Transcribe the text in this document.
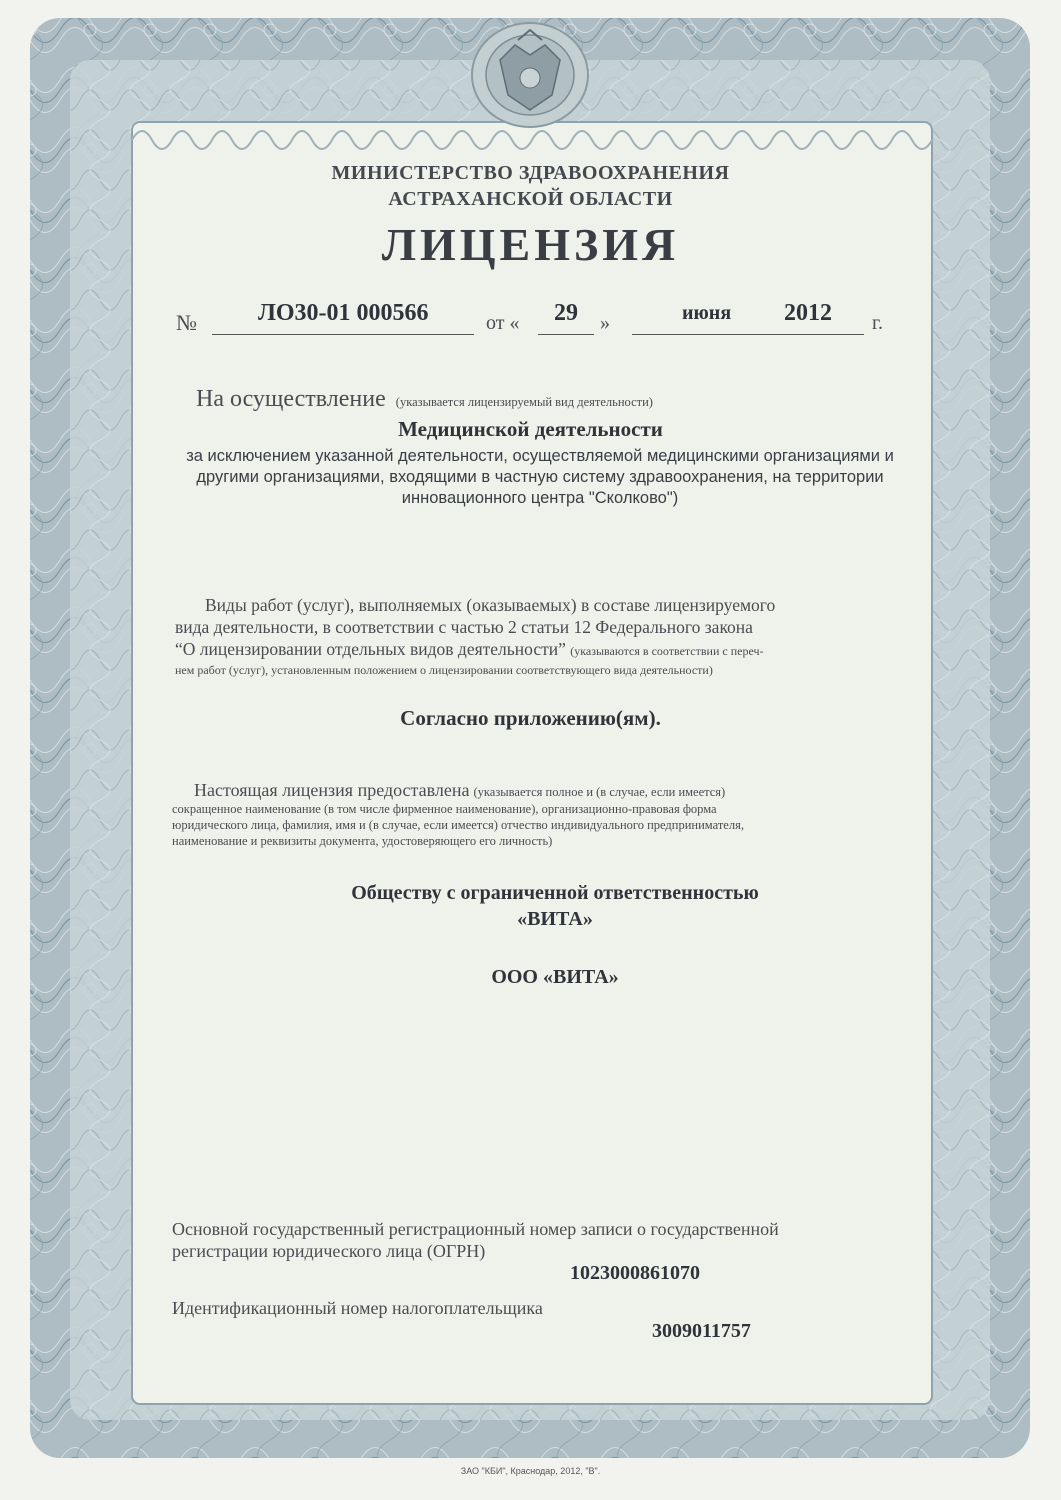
МИНИСТЕРСТВО ЗДРАВООХРАНЕНИЯ
АСТРАХАНСКОЙ ОБЛАСТИ
ЛИЦЕНЗИЯ
№	ЛО30-01 000566	от « 29 »	июня 2012 г.
На осуществление (указывается лицензируемый вид деятельности)
Медицинской деятельности
за исключением указанной деятельности, осуществляемой медицинскими организациями и
другими организациями, входящими в частную систему здравоохранения, на территории
инновационного центра "Сколково")
Виды работ (услуг), выполняемых (оказываемых) в составе лицензируемого
вида деятельности, в соответствии с частью 2 статьи 12 Федерального закона
“О лицензировании отдельных видов деятельности” (указываются в соответствии с переч-
нем работ (услуг), установленным положением о лицензировании соответствующего вида деятельности)
Согласно приложению(ям).
Настоящая лицензия предоставлена (указывается полное и (в случае, если имеется)
сокращенное наименование (в том числе фирменное наименование), организационно-правовая форма
юридического лица, фамилия, имя и (в случае, если имеется) отчество индивидуального предпринимателя,
наименование и реквизиты документа, удостоверяющего его личность)
Обществу с ограниченной ответственностью
«ВИТА»
ООО «ВИТА»
Основной государственный регистрационный номер записи о государственной
регистрации юридического лица (ОГРН)
1023000861070
Идентификационный номер налогоплательщика
3009011757
ЗАО "КБИ", Краснодар, 2012, "В".
